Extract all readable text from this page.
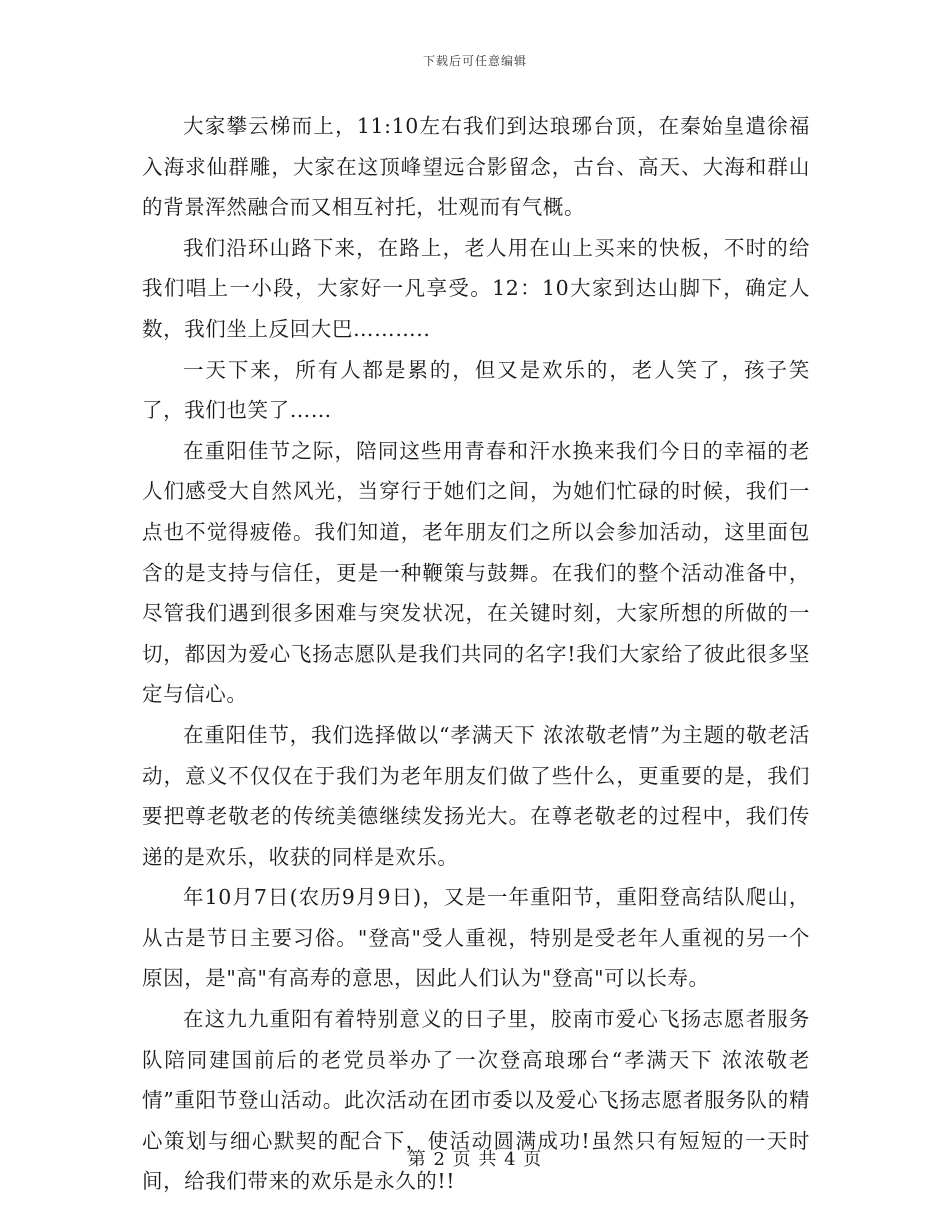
下载后可任意编辑

大家攀云梯而上，11:10左右我们到达琅琊台顶，在秦始皇遣徐福入海求仙群雕，大家在这顶峰望远合影留念，古台、高天、大海和群山的背景浑然融合而又相互衬托，壮观而有气概。

我们沿环山路下来，在路上，老人用在山上买来的快板，不时的给我们唱上一小段，大家好一凡享受。12：10大家到达山脚下，确定人数，我们坐上反回大巴………..

一天下来，所有人都是累的，但又是欢乐的，老人笑了，孩子笑了，我们也笑了……

在重阳佳节之际，陪同这些用青春和汗水换来我们今日的幸福的老人们感受大自然风光，当穿行于她们之间，为她们忙碌的时候，我们一点也不觉得疲倦。我们知道，老年朋友们之所以会参加活动，这里面包含的是支持与信任，更是一种鞭策与鼓舞。在我们的整个活动准备中，尽管我们遇到很多困难与突发状况，在关键时刻，大家所想的所做的一切，都因为爱心飞扬志愿队是我们共同的名字!我们大家给了彼此很多坚定与信心。

在重阳佳节，我们选择做以“孝满天下 浓浓敬老情”为主题的敬老活动，意义不仅仅在于我们为老年朋友们做了些什么，更重要的是，我们要把尊老敬老的传统美德继续发扬光大。在尊老敬老的过程中，我们传递的是欢乐，收获的同样是欢乐。

年10月7日(农历9月9日)，又是一年重阳节，重阳登高结队爬山，从古是节日主要习俗。"登高"受人重视，特别是受老年人重视的另一个原因，是"高"有高寿的意思，因此人们认为"登高"可以长寿。

在这九九重阳有着特别意义的日子里，胶南市爱心飞扬志愿者服务队陪同建国前后的老党员举办了一次登高琅琊台“孝满天下 浓浓敬老情”重阳节登山活动。此次活动在团市委以及爱心飞扬志愿者服务队的精心策划与细心默契的配合下，使活动圆满成功!虽然只有短短的一天时间，给我们带来的欢乐是永久的!!

第 2 页 共 4 页
